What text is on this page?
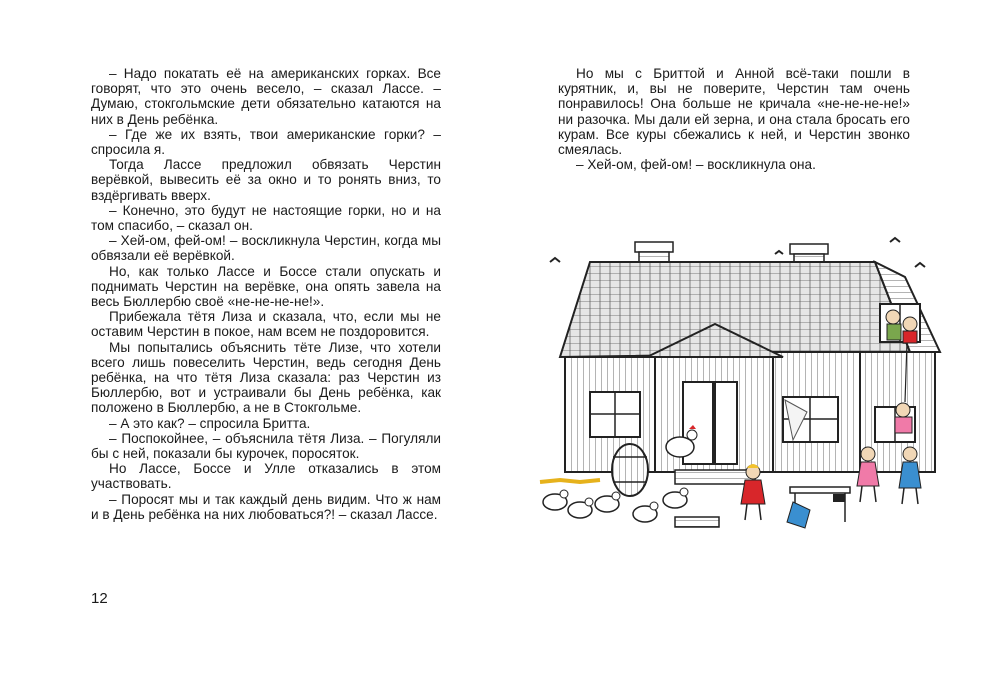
– Надо покатать её на американских горках. Все говорят, что это очень весело, – сказал Лассе. – Думаю, стокгольмские дети обязательно катаются на них в День ребёнка.

– Где же их взять, твои американские горки? – спросила я.

Тогда Лассе предложил обвязать Черстин верёвкой, вывесить её за окно и то ронять вниз, то вздёргивать вверх.

– Конечно, это будут не настоящие горки, но и на том спасибо, – сказал он.

– Хей-ом, фей-ом! – воскликнула Черстин, когда мы обвязали её верёвкой.

Но, как только Лассе и Боссе стали опускать и поднимать Черстин на верёвке, она опять завела на весь Бюллербю своё «не-не-не-не!».

Прибежала тётя Лиза и сказала, что, если мы не оставим Черстин в покое, нам всем не поздоровится.

Мы попытались объяснить тёте Лизе, что хотели всего лишь повеселить Черстин, ведь сегодня День ребёнка, на что тётя Лиза сказала: раз Черстин из Бюллербю, вот и устраивали бы День ребёнка, как положено в Бюллербю, а не в Стокгольме.

– А это как? – спросила Бритта.

– Поспокойнее, – объяснила тётя Лиза. – Погуляли бы с ней, показали бы курочек, поросяток.

Но Лассе, Боссе и Улле отказались в этом участвовать.

– Поросят мы и так каждый день видим. Что ж нам и в День ребёнка на них любоваться?! – сказал Лассе.

12

Но мы с Бриттой и Анной всё-таки пошли в курятник, и, вы не поверите, Черстин там очень понравилось! Она больше не кричала «не-не-не-не!» ни разочка. Мы дали ей зерна, и она стала бросать его курам. Все куры сбежались к ней, и Черстин звонко смеялась.

– Хей-ом, фей-ом! – воскликнула она.
